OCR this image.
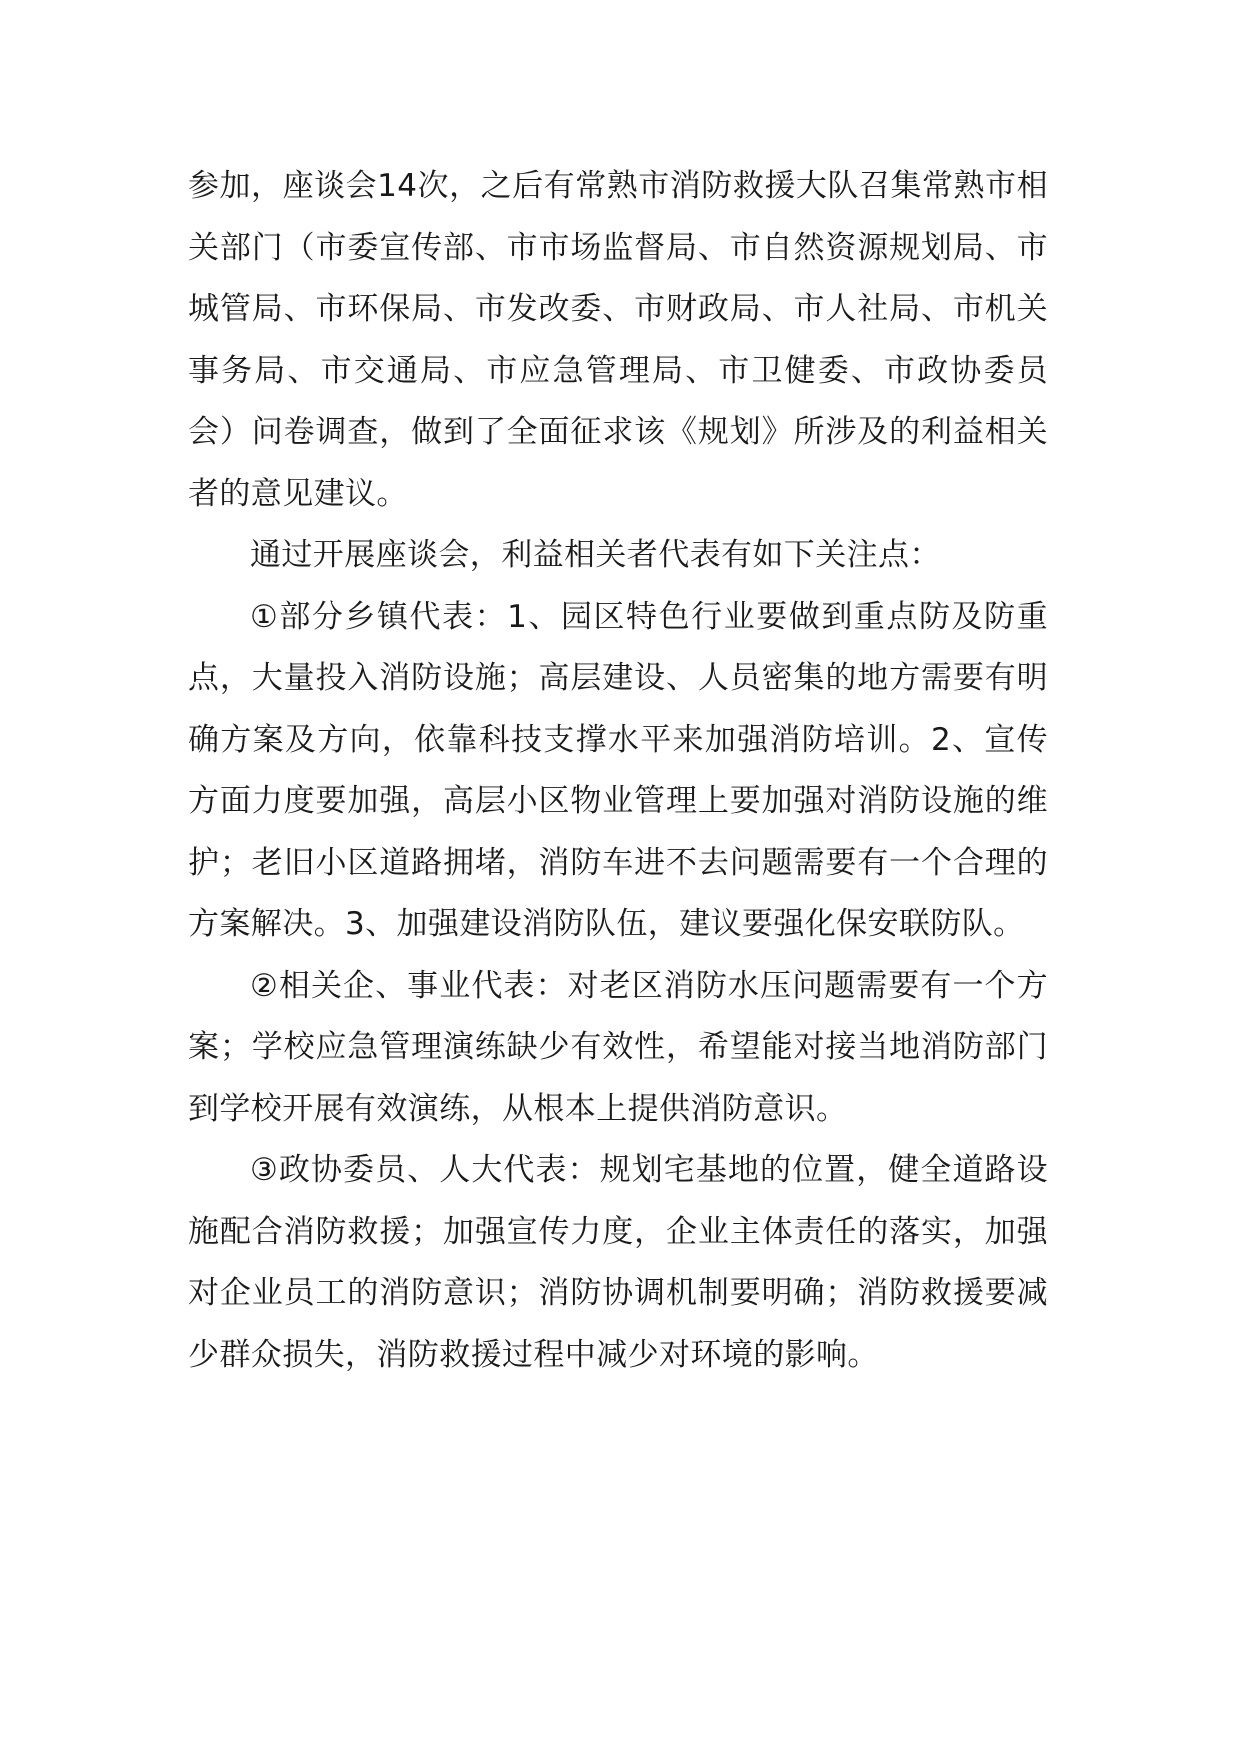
参加，座谈会14次，之后有常熟市消防救援大队召集常熟市相关部门（市委宣传部、市市场监督局、市自然资源规划局、市城管局、市环保局、市发改委、市财政局、市人社局、市机关事务局、市交通局、市应急管理局、市卫健委、市政协委员会）问卷调查，做到了全面征求该《规划》所涉及的利益相关者的意见建议。

通过开展座谈会，利益相关者代表有如下关注点：

①部分乡镇代表：1、园区特色行业要做到重点防及防重点，大量投入消防设施；高层建设、人员密集的地方需要有明确方案及方向，依靠科技支撑水平来加强消防培训。2、宣传方面力度要加强，高层小区物业管理上要加强对消防设施的维护；老旧小区道路拥堵，消防车进不去问题需要有一个合理的方案解决。3、加强建设消防队伍，建议要强化保安联防队。

②相关企、事业代表：对老区消防水压问题需要有一个方案；学校应急管理演练缺少有效性，希望能对接当地消防部门到学校开展有效演练，从根本上提供消防意识。

③政协委员、人大代表：规划宅基地的位置，健全道路设施配合消防救援；加强宣传力度，企业主体责任的落实，加强对企业员工的消防意识；消防协调机制要明确；消防救援要减少群众损失，消防救援过程中减少对环境的影响。
